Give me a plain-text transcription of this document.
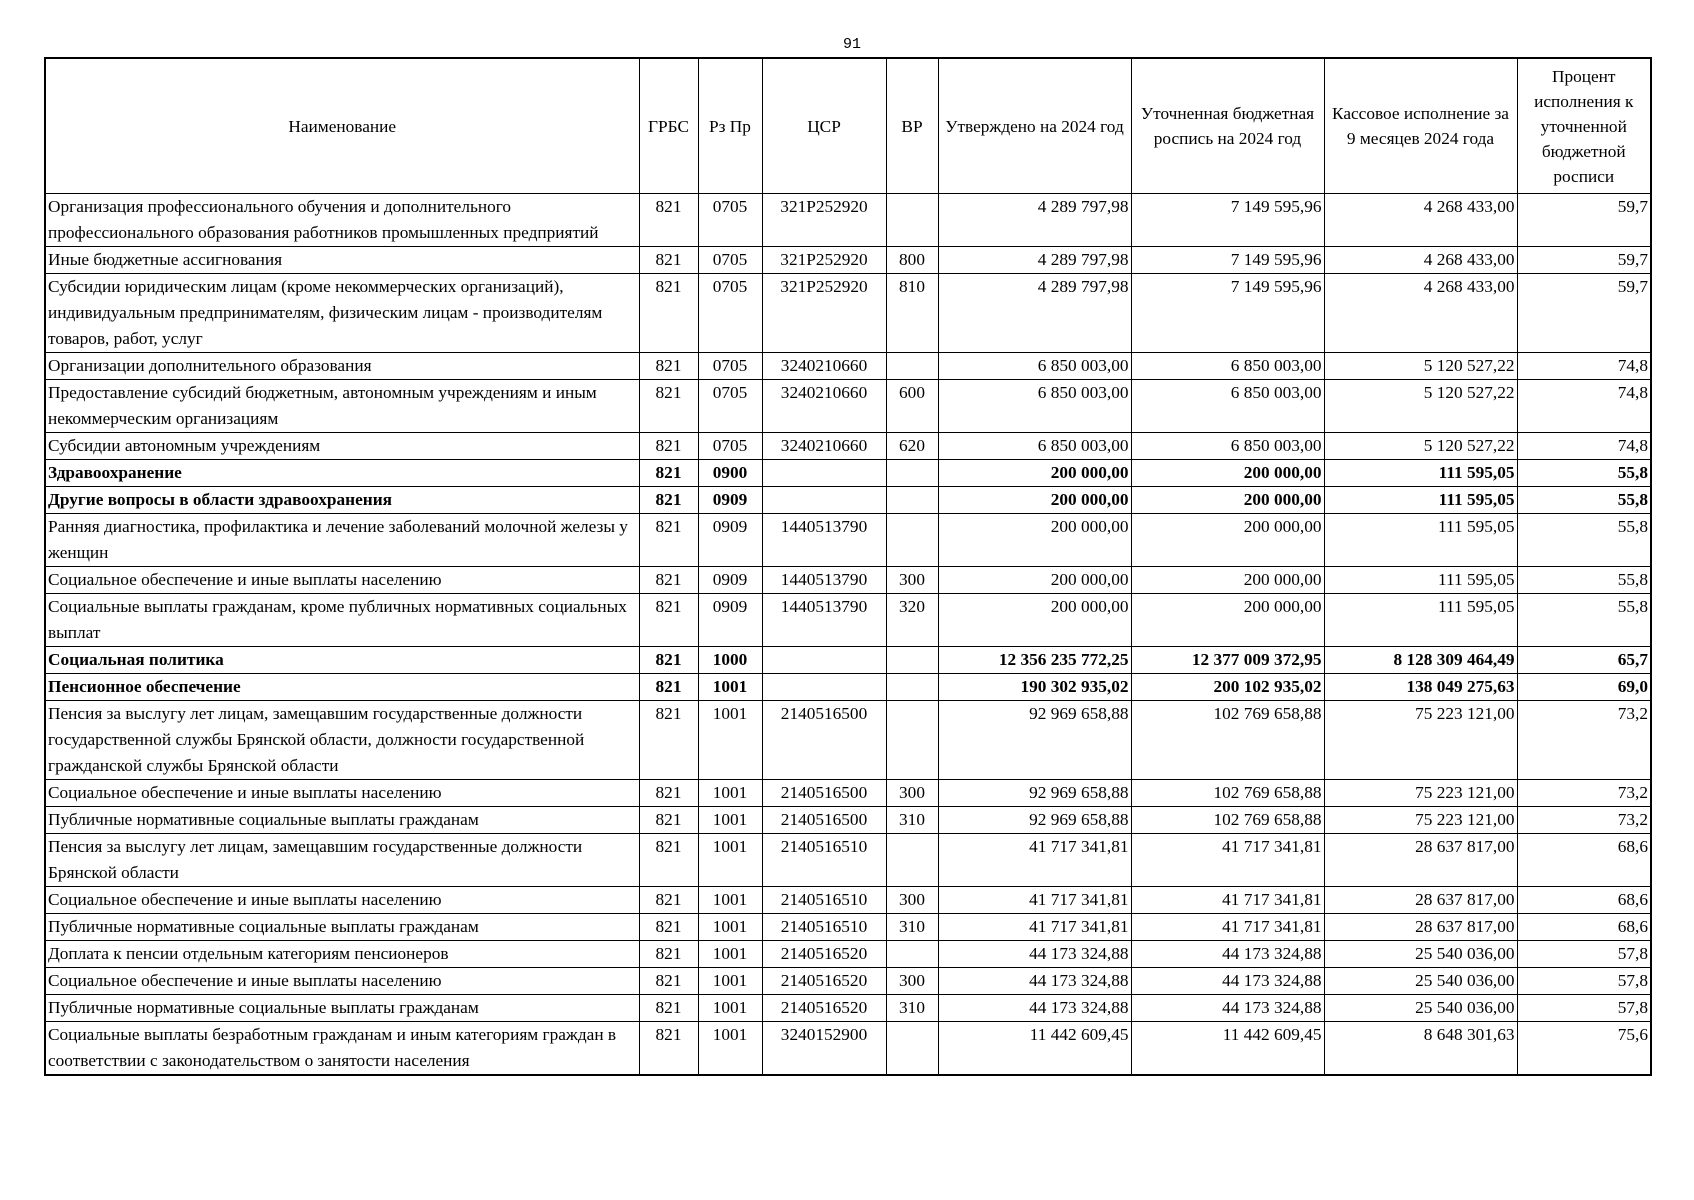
91
Наименование	ГРБС	Рз Пр	ЦСР	ВР	Утверждено на 2024 год	Уточненная бюджетная роспись на 2024 год	Кассовое исполнение за 9 месяцев 2024 года	Процент исполнения к уточненной бюджетной росписи
Организация профессионального обучения и дополнительного профессионального образования работников промышленных предприятий	821	0705	321P252920		4 289 797,98	7 149 595,96	4 268 433,00	59,7
Иные бюджетные ассигнования	821	0705	321P252920	800	4 289 797,98	7 149 595,96	4 268 433,00	59,7
Субсидии юридическим лицам (кроме некоммерческих организаций), индивидуальным предпринимателям, физическим лицам - производителям товаров, работ, услуг	821	0705	321P252920	810	4 289 797,98	7 149 595,96	4 268 433,00	59,7
Организации дополнительного образования	821	0705	3240210660		6 850 003,00	6 850 003,00	5 120 527,22	74,8
Предоставление субсидий бюджетным, автономным учреждениям и иным некоммерческим организациям	821	0705	3240210660	600	6 850 003,00	6 850 003,00	5 120 527,22	74,8
Субсидии автономным учреждениям	821	0705	3240210660	620	6 850 003,00	6 850 003,00	5 120 527,22	74,8
Здравоохранение	821	0900			200 000,00	200 000,00	111 595,05	55,8
Другие вопросы в области здравоохранения	821	0909			200 000,00	200 000,00	111 595,05	55,8
Ранняя диагностика, профилактика и лечение заболеваний молочной железы у женщин	821	0909	1440513790		200 000,00	200 000,00	111 595,05	55,8
Социальное обеспечение и иные выплаты населению	821	0909	1440513790	300	200 000,00	200 000,00	111 595,05	55,8
Социальные выплаты гражданам, кроме публичных нормативных социальных выплат	821	0909	1440513790	320	200 000,00	200 000,00	111 595,05	55,8
Социальная политика	821	1000			12 356 235 772,25	12 377 009 372,95	8 128 309 464,49	65,7
Пенсионное обеспечение	821	1001			190 302 935,02	200 102 935,02	138 049 275,63	69,0
Пенсия за выслугу лет лицам, замещавшим государственные должности государственной службы Брянской области, должности государственной гражданской службы Брянской области	821	1001	2140516500		92 969 658,88	102 769 658,88	75 223 121,00	73,2
Социальное обеспечение и иные выплаты населению	821	1001	2140516500	300	92 969 658,88	102 769 658,88	75 223 121,00	73,2
Публичные нормативные социальные выплаты гражданам	821	1001	2140516500	310	92 969 658,88	102 769 658,88	75 223 121,00	73,2
Пенсия за выслугу лет лицам, замещавшим государственные должности Брянской области	821	1001	2140516510		41 717 341,81	41 717 341,81	28 637 817,00	68,6
Социальное обеспечение и иные выплаты населению	821	1001	2140516510	300	41 717 341,81	41 717 341,81	28 637 817,00	68,6
Публичные нормативные социальные выплаты гражданам	821	1001	2140516510	310	41 717 341,81	41 717 341,81	28 637 817,00	68,6
Доплата к пенсии отдельным категориям пенсионеров	821	1001	2140516520		44 173 324,88	44 173 324,88	25 540 036,00	57,8
Социальное обеспечение и иные выплаты населению	821	1001	2140516520	300	44 173 324,88	44 173 324,88	25 540 036,00	57,8
Публичные нормативные социальные выплаты гражданам	821	1001	2140516520	310	44 173 324,88	44 173 324,88	25 540 036,00	57,8
Социальные выплаты безработным гражданам и иным категориям граждан в соответствии с законодательством о занятости населения	821	1001	3240152900		11 442 609,45	11 442 609,45	8 648 301,63	75,6
